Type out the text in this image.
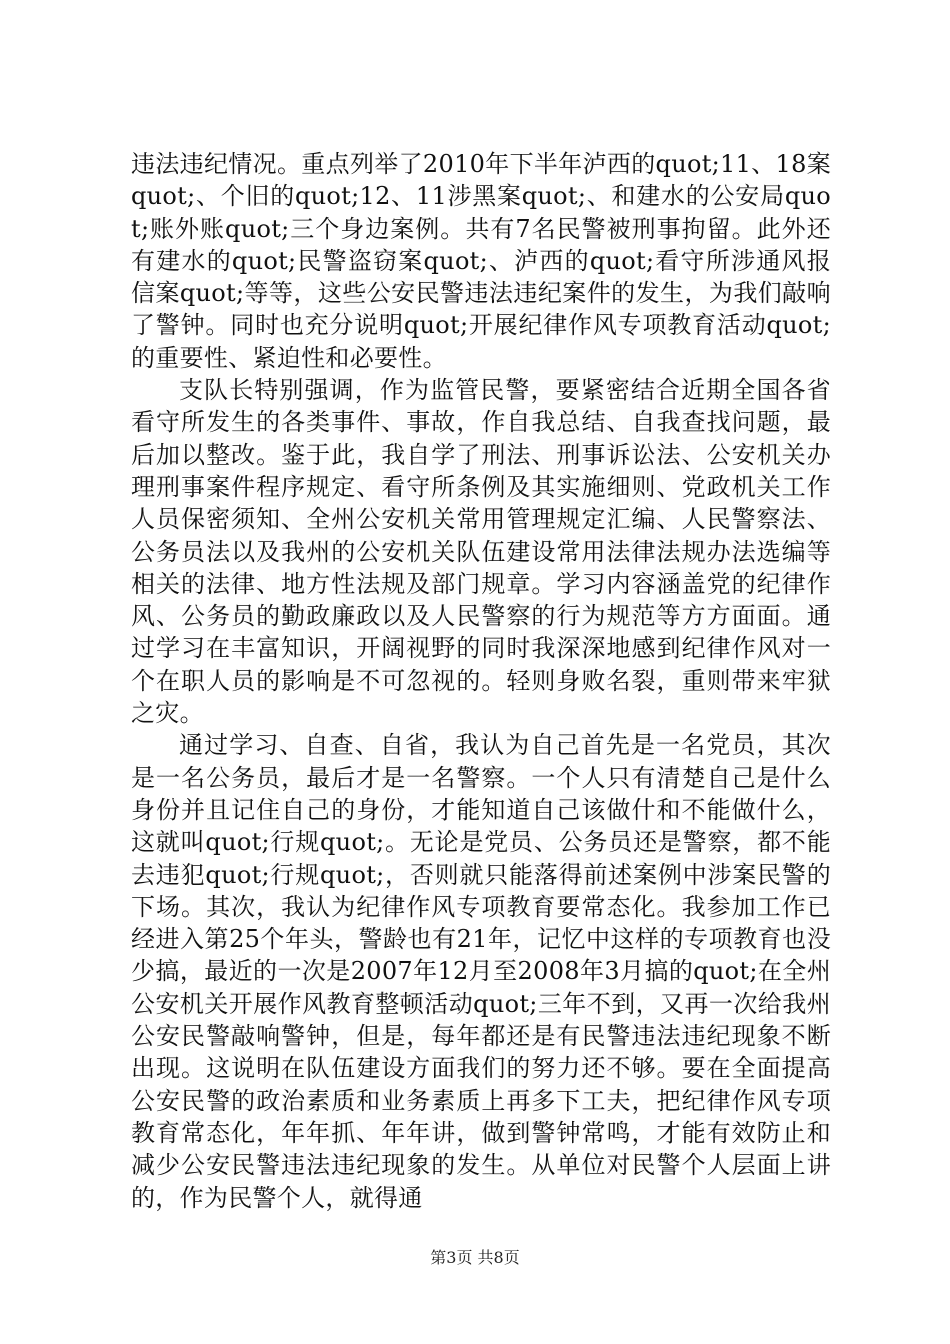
违法违纪情况。重点列举了2010年下半年泸西的quot;11、18案quot;、个旧的quot;12、11涉黑案quot;、和建水的公安局quot;账外账quot;三个身边案例。共有7名民警被刑事拘留。此外还有建水的quot;民警盗窃案quot;、泸西的quot;看守所涉通风报信案quot;等等，这些公安民警违法违纪案件的发生，为我们敲响了警钟。同时也充分说明quot;开展纪律作风专项教育活动quot;的重要性、紧迫性和必要性。

支队长特别强调，作为监管民警，要紧密结合近期全国各省看守所发生的各类事件、事故，作自我总结、自我查找问题，最后加以整改。鉴于此，我自学了刑法、刑事诉讼法、公安机关办理刑事案件程序规定、看守所条例及其实施细则、党政机关工作人员保密须知、全州公安机关常用管理规定汇编、人民警察法、公务员法以及我州的公安机关队伍建设常用法律法规办法选编等相关的法律、地方性法规及部门规章。学习内容涵盖党的纪律作风、公务员的勤政廉政以及人民警察的行为规范等方方面面。通过学习在丰富知识，开阔视野的同时我深深地感到纪律作风对一个在职人员的影响是不可忽视的。轻则身败名裂，重则带来牢狱之灾。

通过学习、自查、自省，我认为自己首先是一名党员，其次是一名公务员，最后才是一名警察。一个人只有清楚自己是什么身份并且记住自己的身份，才能知道自己该做什和不能做什么，这就叫quot;行规quot;。无论是党员、公务员还是警察，都不能去违犯quot;行规quot;，否则就只能落得前述案例中涉案民警的下场。其次，我认为纪律作风专项教育要常态化。我参加工作已经进入第25个年头，警龄也有21年，记忆中这样的专项教育也没少搞，最近的一次是2007年12月至2008年3月搞的quot;在全州公安机关开展作风教育整顿活动quot;三年不到，又再一次给我州公安民警敲响警钟，但是，每年都还是有民警违法违纪现象不断出现。这说明在队伍建设方面我们的努力还不够。要在全面提高公安民警的政治素质和业务素质上再多下工夫，把纪律作风专项教育常态化，年年抓、年年讲，做到警钟常鸣，才能有效防止和减少公安民警违法违纪现象的发生。从单位对民警个人层面上讲的，作为民警个人，就得通

第3页 共8页
